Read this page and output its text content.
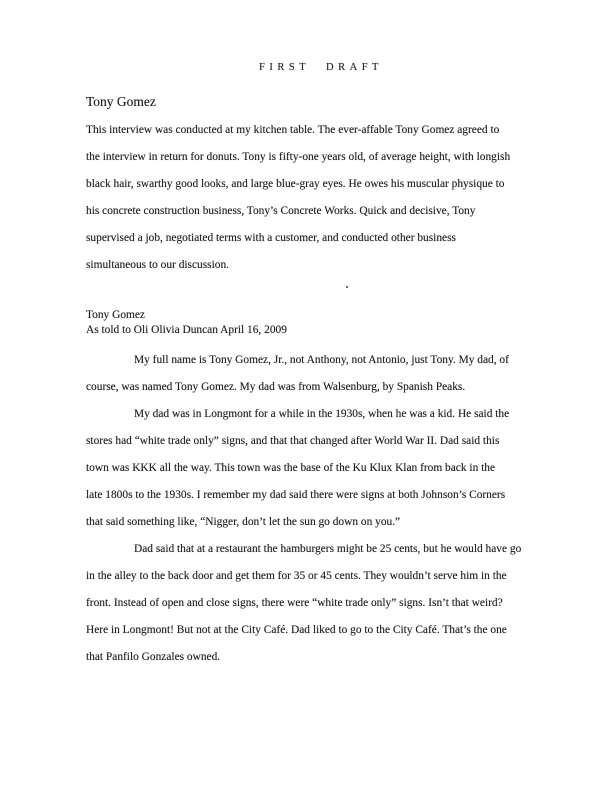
FIRST DRAFT
Tony Gomez
This interview was conducted at my kitchen table. The ever-affable Tony Gomez agreed to
the interview in return for donuts. Tony is fifty-one years old, of average height, with longish
black hair, swarthy good looks, and large blue-gray eyes. He owes his muscular physique to
his concrete construction business, Tony’s Concrete Works. Quick and decisive, Tony
supervised a job, negotiated terms with a customer, and conducted other business
simultaneous to our discussion.
Tony Gomez
As told to Oli Olivia Duncan April 16, 2009
My full name is Tony Gomez, Jr., not Anthony, not Antonio, just Tony. My dad, of
course, was named Tony Gomez. My dad was from Walsenburg, by Spanish Peaks.
My dad was in Longmont for a while in the 1930s, when he was a kid. He said the
stores had “white trade only” signs, and that that changed after World War II. Dad said this
town was KKK all the way. This town was the base of the Ku Klux Klan from back in the
late 1800s to the 1930s. I remember my dad said there were signs at both Johnson’s Corners
that said something like, “Nigger, don’t let the sun go down on you.”
Dad said that at a restaurant the hamburgers might be 25 cents, but he would have go
in the alley to the back door and get them for 35 or 45 cents. They wouldn’t serve him in the
front. Instead of open and close signs, there were “white trade only” signs. Isn’t that weird?
Here in Longmont! But not at the City Café. Dad liked to go to the City Café. That’s the one
that Panfilo Gonzales owned.
